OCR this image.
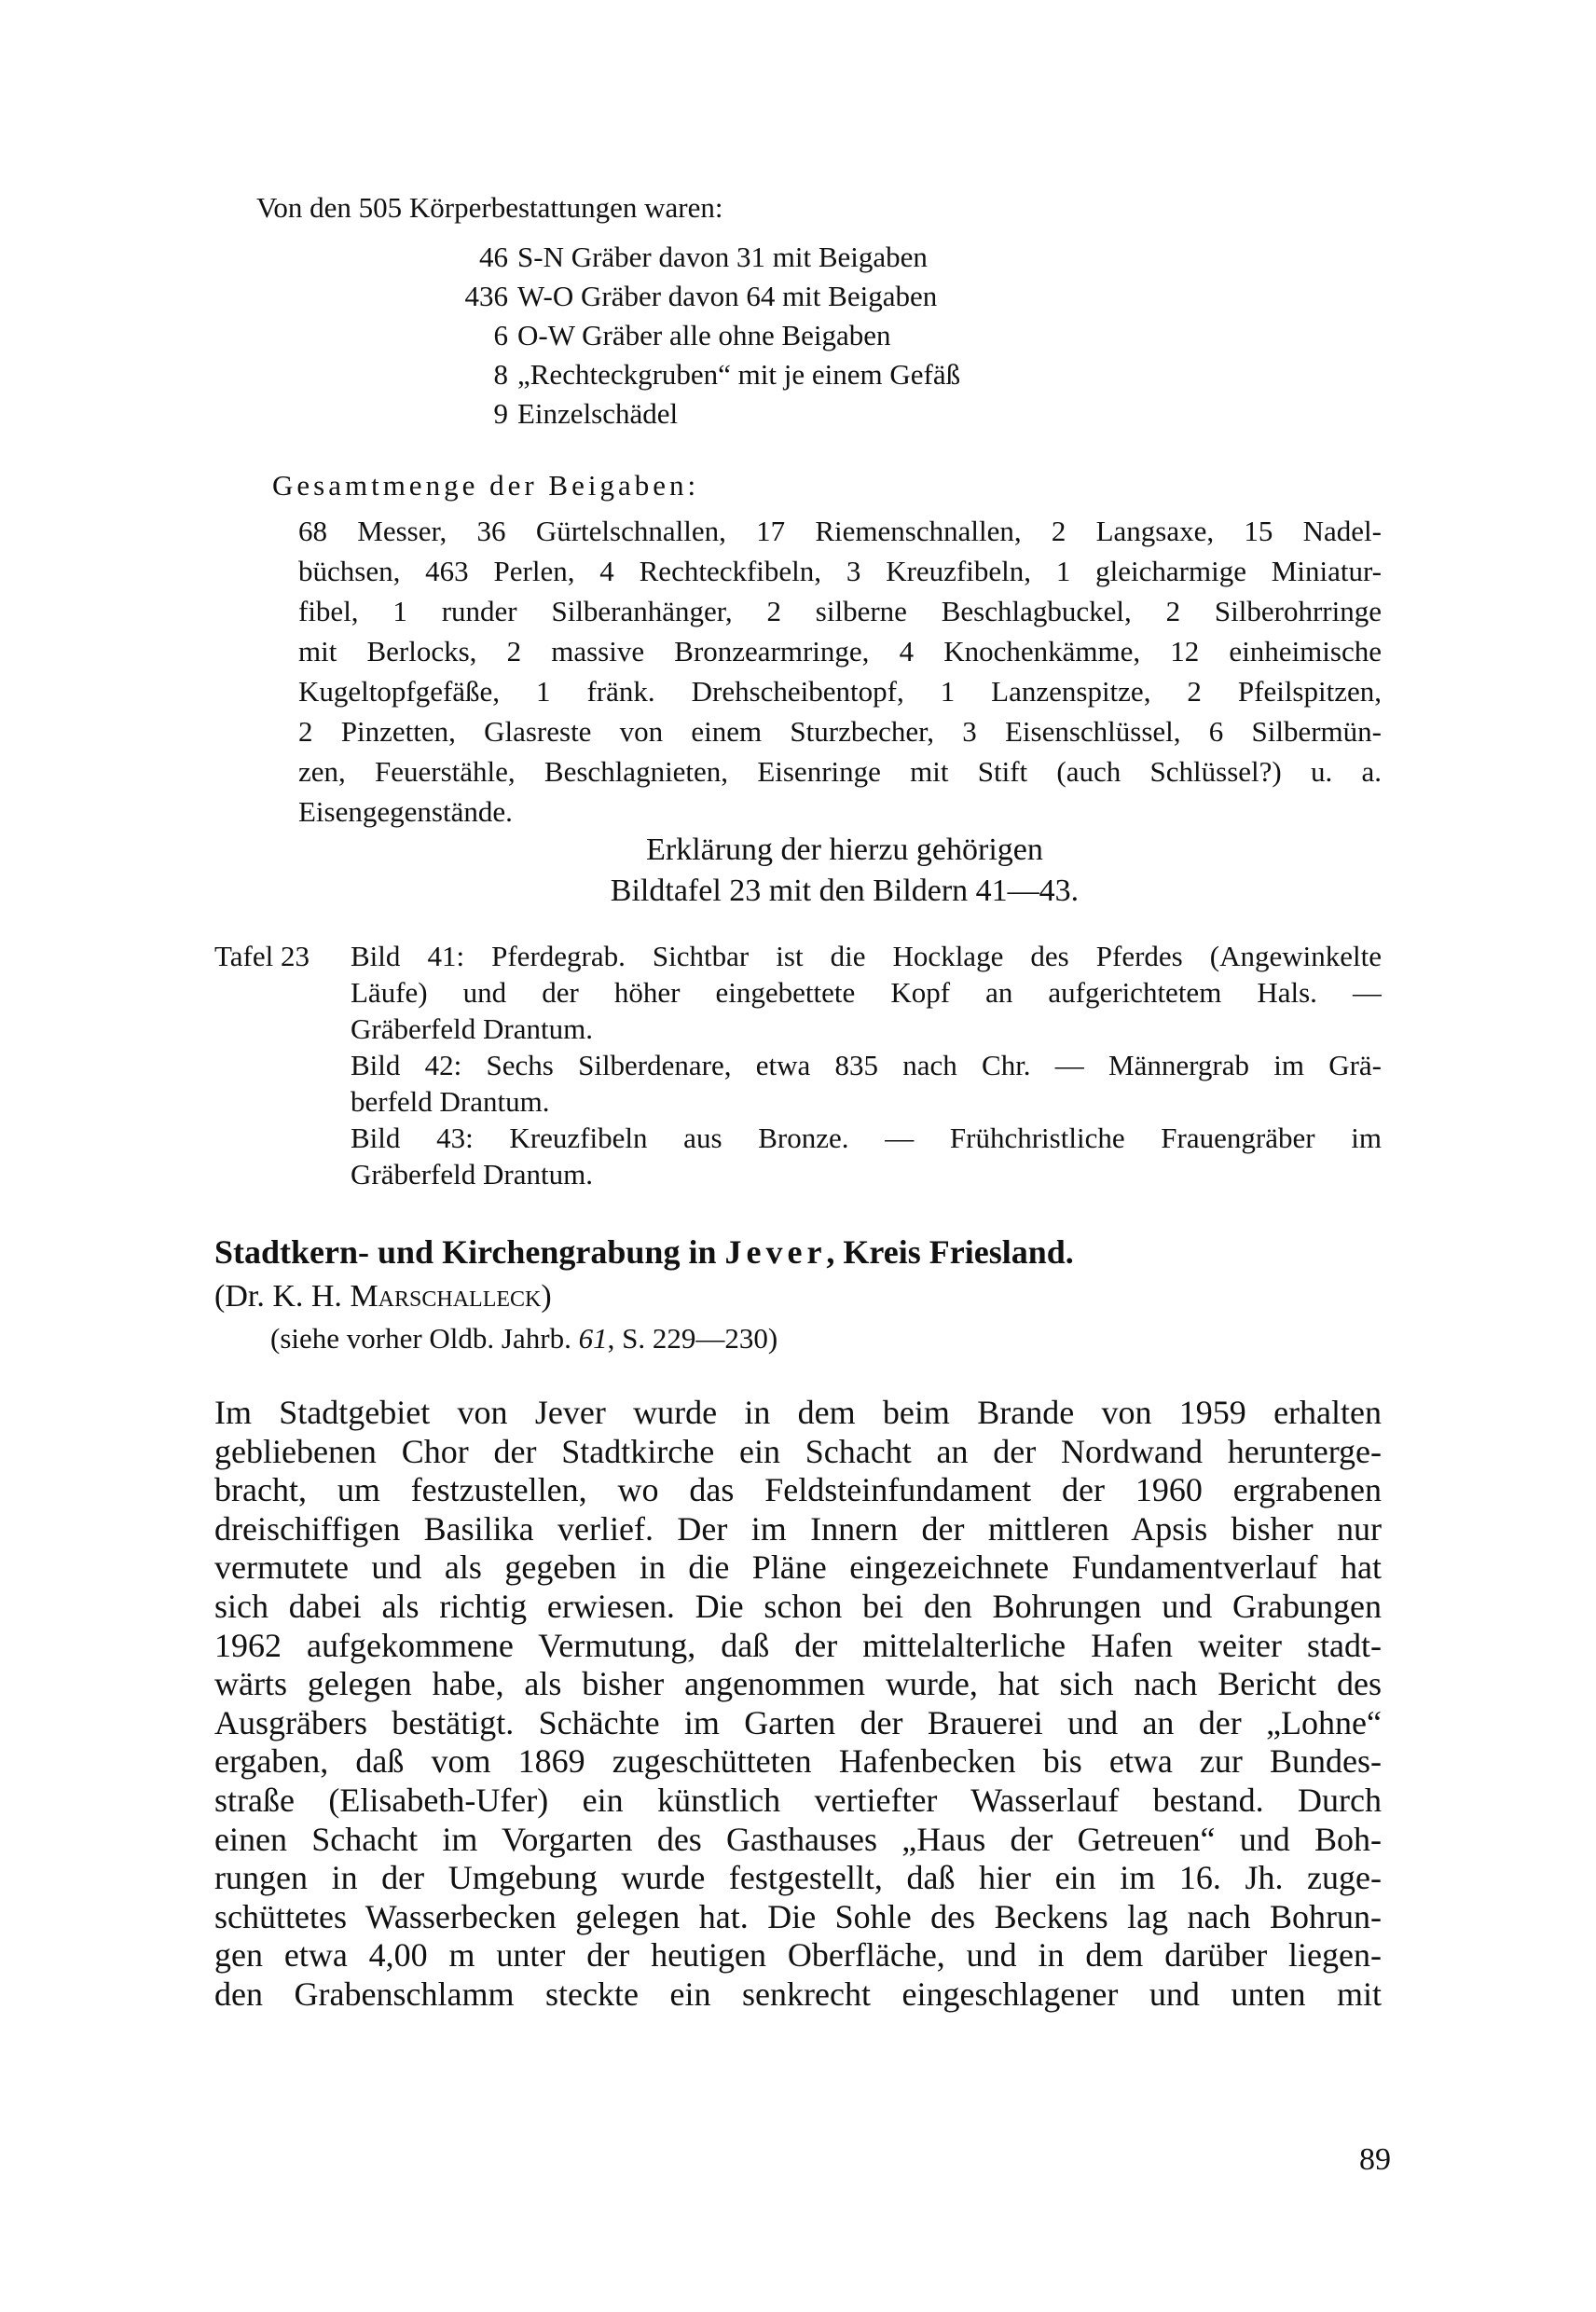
Von den 505 Körperbestattungen waren:
46 S-N Gräber davon 31 mit Beigaben
436 W-O Gräber davon 64 mit Beigaben
6 O-W Gräber alle ohne Beigaben
8 „Rechteckgruben“ mit je einem Gefäß
9 Einzelschädel
Gesamtmenge der Beigaben:
68 Messer, 36 Gürtelschnallen, 17 Riemenschnallen, 2 Langsaxe, 15 Nadel-
büchsen, 463 Perlen, 4 Rechteckfibeln, 3 Kreuzfibeln, 1 gleicharmige Miniatur-
fibel, 1 runder Silberanhänger, 2 silberne Beschlagbuckel, 2 Silberohrringe
mit Berlocks, 2 massive Bronzearmringe, 4 Knochenkämme, 12 einheimische
Kugeltopfgefäße, 1 fränk. Drehscheibentopf, 1 Lanzenspitze, 2 Pfeilspitzen,
2 Pinzetten, Glasreste von einem Sturzbecher, 3 Eisenschlüssel, 6 Silbermün-
zen, Feuerstähle, Beschlagnieten, Eisenringe mit Stift (auch Schlüssel?) u. a.
Eisengegenstände.
Erklärung der hierzu gehörigen
Bildtafel 23 mit den Bildern 41—43.
Tafel 23 Bild 41: Pferdegrab. Sichtbar ist die Hocklage des Pferdes (Angewinkelte
Läufe) und der höher eingebettete Kopf an aufgerichtetem Hals. —
Gräberfeld Drantum.
Bild 42: Sechs Silberdenare, etwa 835 nach Chr. — Männergrab im Grä-
berfeld Drantum.
Bild 43: Kreuzfibeln aus Bronze. — Frühchristliche Frauengräber im
Gräberfeld Drantum.
Stadtkern- und Kirchengrabung in Jever, Kreis Friesland.
(Dr. K. H. Marschalleck)
(siehe vorher Oldb. Jahrb. 61, S. 229—230)
Im Stadtgebiet von Jever wurde in dem beim Brande von 1959 erhalten
gebliebenen Chor der Stadtkirche ein Schacht an der Nordwand herunterge-
bracht, um festzustellen, wo das Feldsteinfundament der 1960 ergrabenen
dreischiffigen Basilika verlief. Der im Innern der mittleren Apsis bisher nur
vermutete und als gegeben in die Pläne eingezeichnete Fundamentverlauf hat
sich dabei als richtig erwiesen. Die schon bei den Bohrungen und Grabungen
1962 aufgekommene Vermutung, daß der mittelalterliche Hafen weiter stadt-
wärts gelegen habe, als bisher angenommen wurde, hat sich nach Bericht des
Ausgräbers bestätigt. Schächte im Garten der Brauerei und an der „Lohne“
ergaben, daß vom 1869 zugeschütteten Hafenbecken bis etwa zur Bundes-
straße (Elisabeth-Ufer) ein künstlich vertiefter Wasserlauf bestand. Durch
einen Schacht im Vorgarten des Gasthauses „Haus der Getreuen“ und Boh-
rungen in der Umgebung wurde festgestellt, daß hier ein im 16. Jh. zuge-
schüttetes Wasserbecken gelegen hat. Die Sohle des Beckens lag nach Bohrun-
gen etwa 4,00 m unter der heutigen Oberfläche, und in dem darüber liegen-
den Grabenschlamm steckte ein senkrecht eingeschlagener und unten mit
89
